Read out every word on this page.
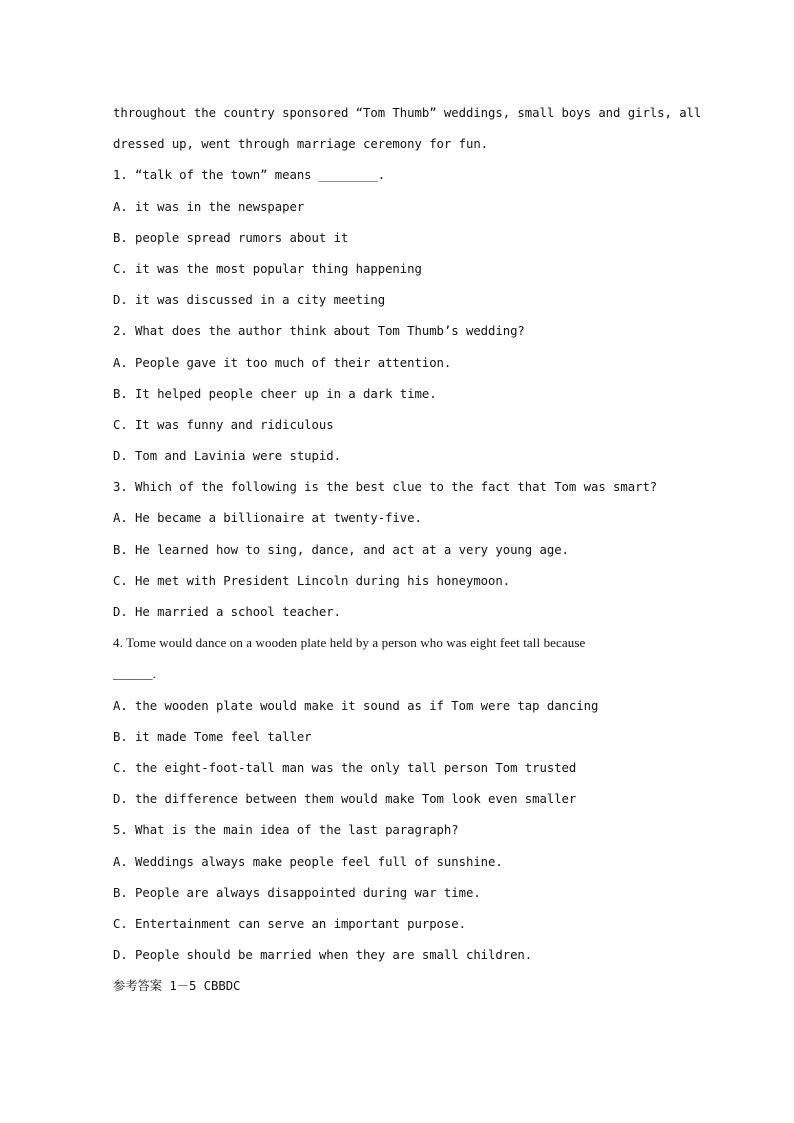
throughout the country sponsored “Tom Thumb” weddings, small boys and girls, all
dressed up, went through marriage ceremony for fun.
1. “talk of the town” means ________.
A. it was in the newspaper
B. people spread rumors about it
C. it was the most popular thing happening
D. it was discussed in a city meeting
2. What does the author think about Tom Thumb’s wedding?
A. People gave it too much of their attention.
B. It helped people cheer up in a dark time.
C. It was funny and ridiculous
D. Tom and Lavinia were stupid.
3. Which of the following is the best clue to the fact that Tom was smart?
A. He became a billionaire at twenty-five.
B. He learned how to sing, dance, and act at a very young age.
C. He met with President Lincoln during his honeymoon.
D. He married a school teacher.
4. Tome would dance on a wooden plate held by a person who was eight feet tall because
______.
A. the wooden plate would make it sound as if Tom were tap dancing
B. it made Tome feel taller
C. the eight-foot-tall man was the only tall person Tom trusted
D. the difference between them would make Tom look even smaller
5. What is the main idea of the last paragraph?
A. Weddings always make people feel full of sunshine.
B. People are always disappointed during war time.
C. Entertainment can serve an important purpose.
D. People should be married when they are small children.
参考答案 1－5 CBBDC
